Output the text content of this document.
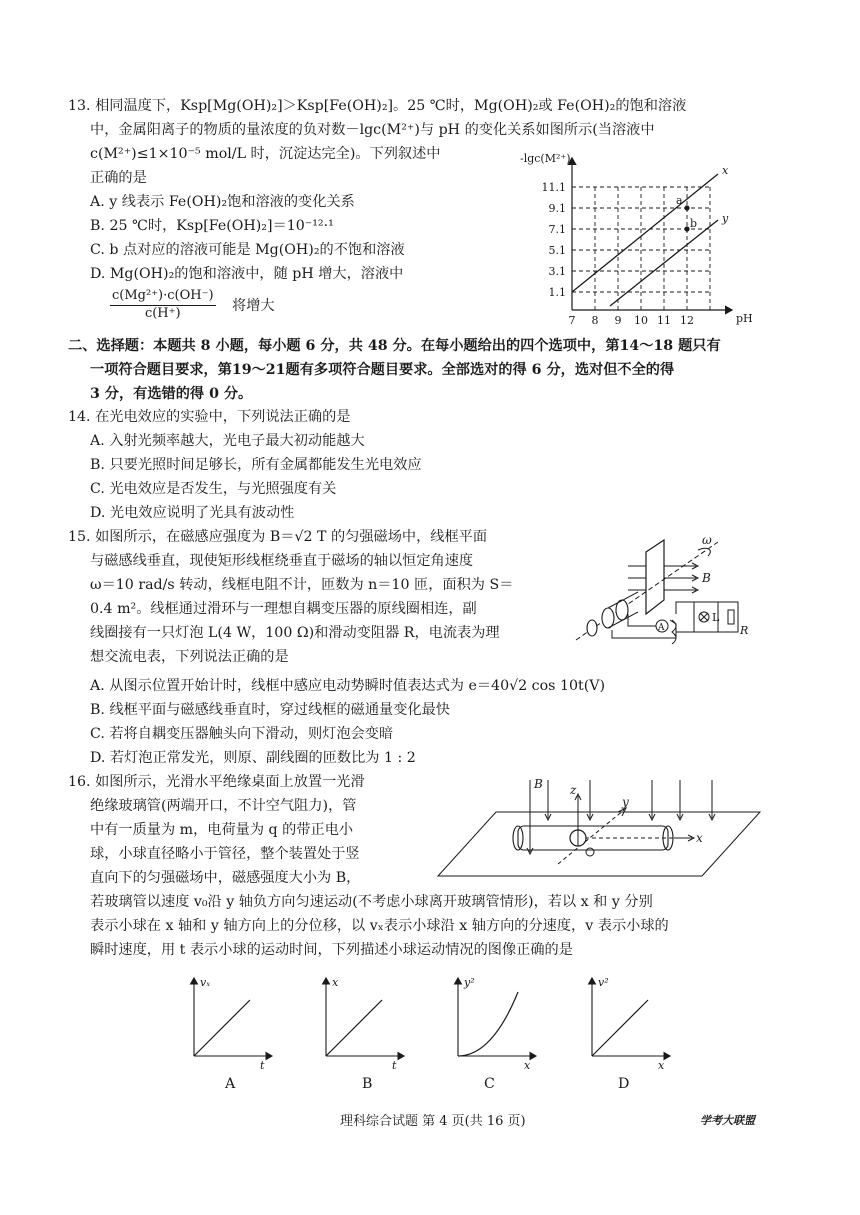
13. 相同温度下，Ksp[Mg(OH)₂]＞Ksp[Fe(OH)₂]。25 ℃时，Mg(OH)₂或 Fe(OH)₂的饱和溶液
中，金属阳离子的物质的量浓度的负对数－lgc(M²⁺)与 pH 的变化关系如图所示(当溶液中
c(M²⁺)≤1×10⁻⁵ mol/L 时，沉淀达完全)。下列叙述中
正确的是
A. y 线表示 Fe(OH)₂饱和溶液的变化关系
B. 25 ℃时，Ksp[Fe(OH)₂]＝10⁻¹²·¹
C. b 点对应的溶液可能是 Mg(OH)₂的不饱和溶液
D. Mg(OH)₂的饱和溶液中，随 pH 增大，溶液中
$\frac{\text{c(Mg²⁺)·c(OH⁻)}}{c(H^+)}$ 将增大
-lgc(M²⁺)
pH
x
y
a
b
11.1
9.1
7.1
5.1
3.1
1.1
7 8 9 10 11 12
二、选择题：本题共 8 小题，每小题 6 分，共 48 分。在每小题给出的四个选项中，第14～18 题只有
一项符合题目要求，第19～21题有多项符合题目要求。全部选对的得 6 分，选对但不全的得
3 分，有选错的得 0 分。
14. 在光电效应的实验中，下列说法正确的是
A. 入射光频率越大，光电子最大初动能越大
B. 只要光照时间足够长，所有金属都能发生光电效应
C. 光电效应是否发生，与光照强度有关
D. 光电效应说明了光具有波动性
15. 如图所示，在磁感应强度为 B＝√2 T 的匀强磁场中，线框平面
与磁感线垂直，现使矩形线框绕垂直于磁场的轴以恒定角速度
ω＝10 rad/s 转动，线框电阻不计，匝数为 n＝10 匝，面积为 S＝
0.4 m²。线框通过滑环与一理想自耦变压器的原线圈相连，副
线圈接有一只灯泡 L(4 W，100 Ω)和滑动变阻器 R，电流表为理
想交流电表，下列说法正确的是
A. 从图示位置开始计时，线框中感应电动势瞬时值表达式为 e＝40√2 cos 10t(V)
B. 线框平面与磁感线垂直时，穿过线框的磁通量变化最快
C. 若将自耦变压器触头向下滑动，则灯泡会变暗
D. 若灯泡正常发光，则原、副线圈的匝数比为 1 : 2
ω
B
A
L
R
16. 如图所示，光滑水平绝缘桌面上放置一光滑
绝缘玻璃管(两端开口，不计空气阻力)，管
中有一质量为 m，电荷量为 q 的带正电小
球，小球直径略小于管径，整个装置处于竖
直向下的匀强磁场中，磁感强度大小为 B，
若玻璃管以速度 v₀沿 y 轴负方向匀速运动(不考虑小球离开玻璃管情形)，若以 x 和 y 分别
表示小球在 x 轴和 y 轴方向上的分位移，以 vₓ表示小球沿 x 轴方向的分速度，v 表示小球的
瞬时速度，用 t 表示小球的运动时间，下列描述小球运动情况的图像正确的是
B
x
z
y
vₓ
t
A
x
t
B
y²
x
C
v²
x
D
理科综合试题 第 4 页(共 16 页)	学考大联盟
